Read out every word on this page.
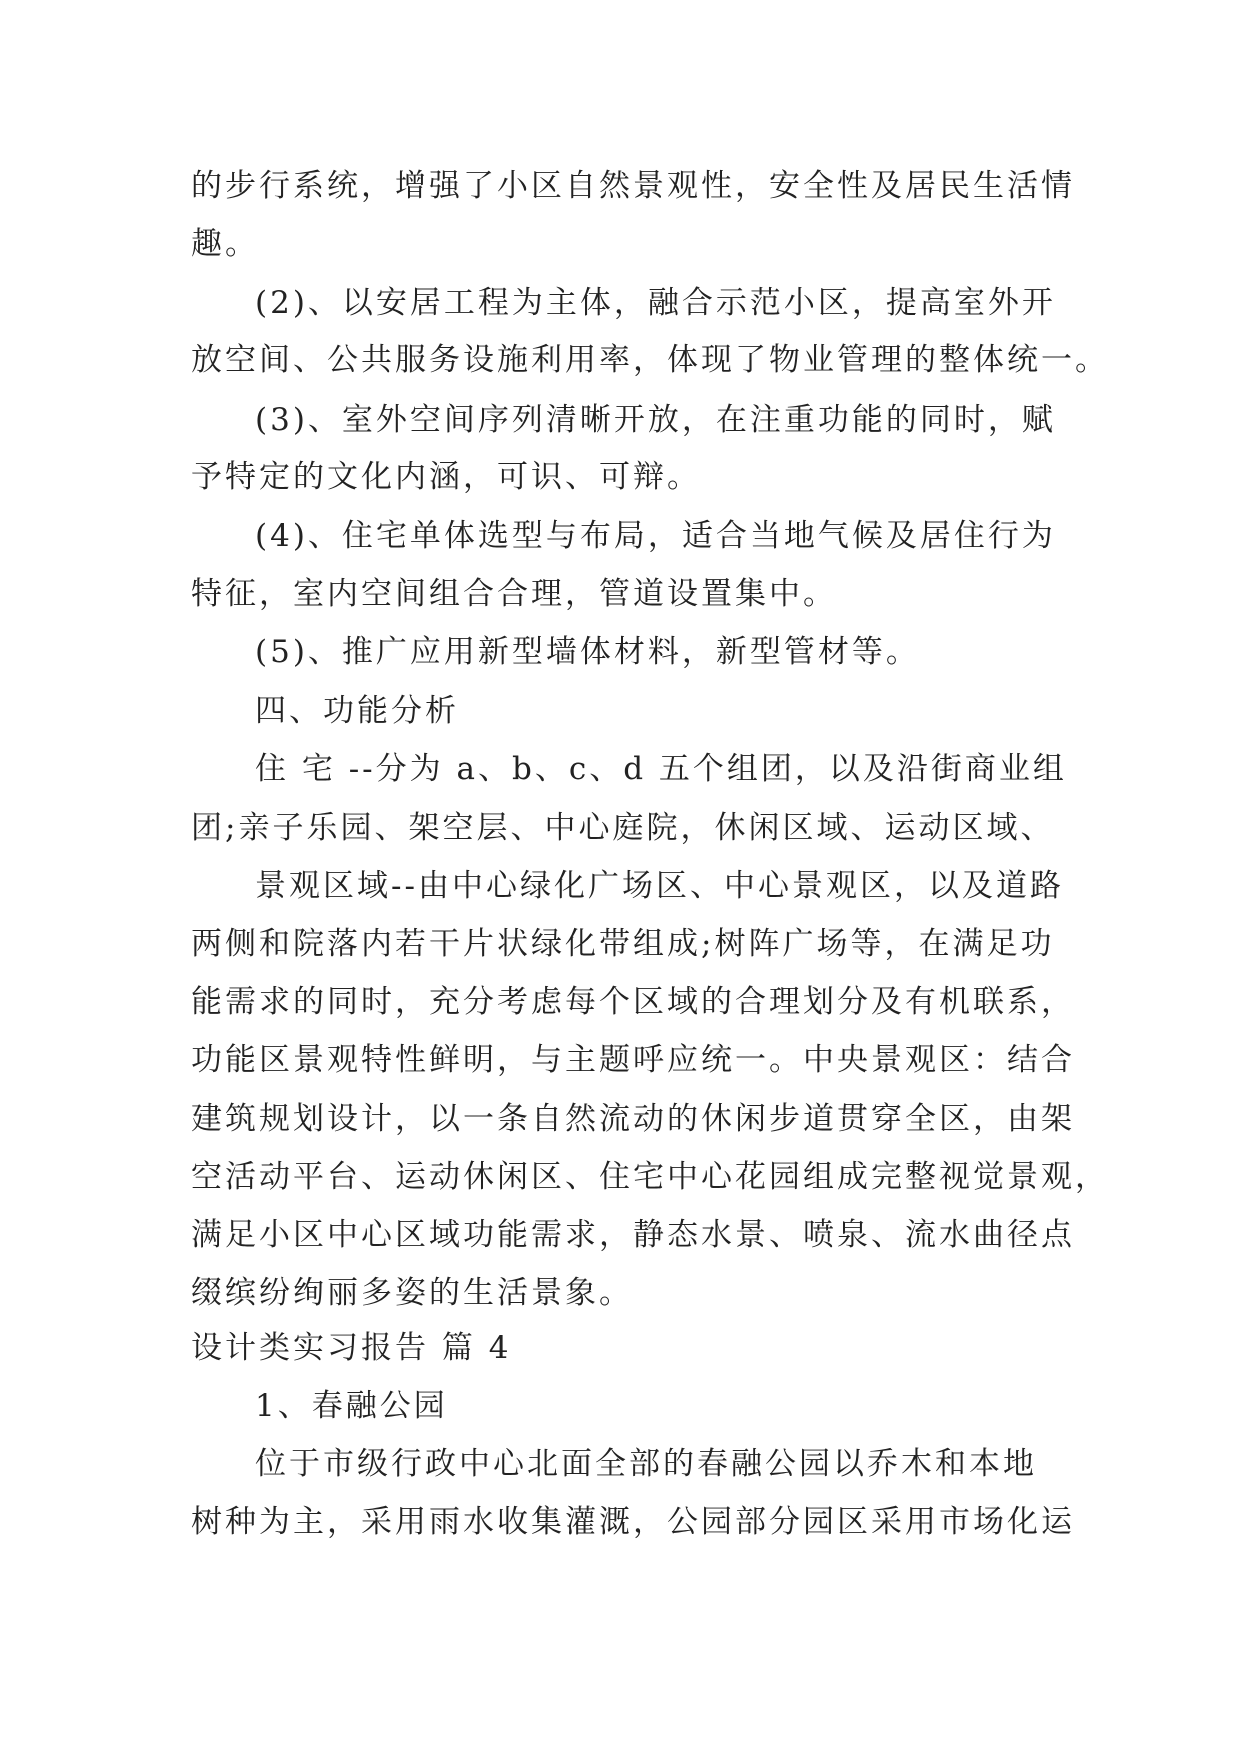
的步行系统，增强了小区自然景观性，安全性及居民生活情
趣。
(2)、以安居工程为主体，融合示范小区，提高室外开
放空间、公共服务设施利用率，体现了物业管理的整体统一。
(3)、室外空间序列清晰开放，在注重功能的同时，赋
予特定的文化内涵，可识、可辩。
(4)、住宅单体选型与布局，适合当地气候及居住行为
特征，室内空间组合合理，管道设置集中。
(5)、推广应用新型墙体材料，新型管材等。
四、功能分析
住 宅 --分为 a、b、c、d 五个组团，以及沿街商业组
团;亲子乐园、架空层、中心庭院，休闲区域、运动区域、
景观区域--由中心绿化广场区、中心景观区，以及道路
两侧和院落内若干片状绿化带组成;树阵广场等，在满足功
能需求的同时，充分考虑每个区域的合理划分及有机联系，
功能区景观特性鲜明，与主题呼应统一。中央景观区：结合
建筑规划设计，以一条自然流动的休闲步道贯穿全区，由架
空活动平台、运动休闲区、住宅中心花园组成完整视觉景观，
满足小区中心区域功能需求，静态水景、喷泉、流水曲径点
缀缤纷绚丽多姿的生活景象。
设计类实习报告 篇 4
1、春融公园
位于市级行政中心北面全部的春融公园以乔木和本地
树种为主，采用雨水收集灌溉，公园部分园区采用市场化运
